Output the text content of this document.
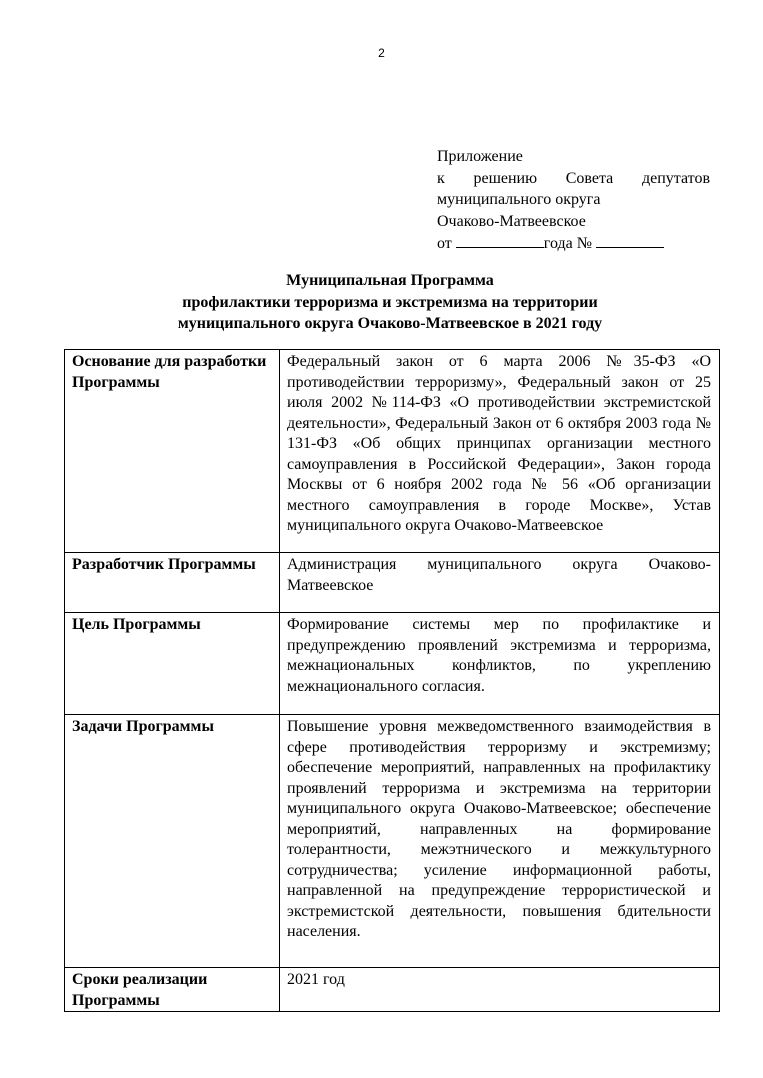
2
Приложение
к решению Совета депутатов
муниципального округа
Очаково-Матвеевское
от	года №
Муниципальная Программа
профилактики терроризма и экстремизма на территории
муниципального округа Очаково-Матвеевское в 2021 году
Основание для разработки Программы	Федеральный закон от 6 марта 2006 №35-ФЗ «О противодействии терроризму», Федеральный закон от 25 июля 2002 №114-ФЗ «О противодействии экстремистской деятельности», Федеральный Закон от 6 октября 2003 года № 131-ФЗ «Об общих принципах организации местного самоуправления в Российской Федерации», Закон города Москвы от 6 ноября 2002 года № 56 «Об организации местного самоуправления в городе Москве», Устав муниципального округа Очаково-Матвеевское
Разработчик Программы	Администрация муниципального округа Очаково-Матвеевское
Цель Программы	Формирование системы мер по профилактике и предупреждению проявлений экстремизма и терроризма, межнациональных конфликтов, по укреплению межнационального согласия.
Задачи Программы	Повышение уровня межведомственного взаимодействия в сфере противодействия терроризму и экстремизму; обеспечение мероприятий, направленных на профилактику проявлений терроризма и экстремизма на территории муниципального округа Очаково-Матвеевское; обеспечение мероприятий, направленных на формирование толерантности, межэтнического и межкультурного сотрудничества; усиление информационной работы, направленной на предупреждение террористической и экстремистской деятельности, повышения бдительности населения.
Сроки реализации Программы	2021 год
